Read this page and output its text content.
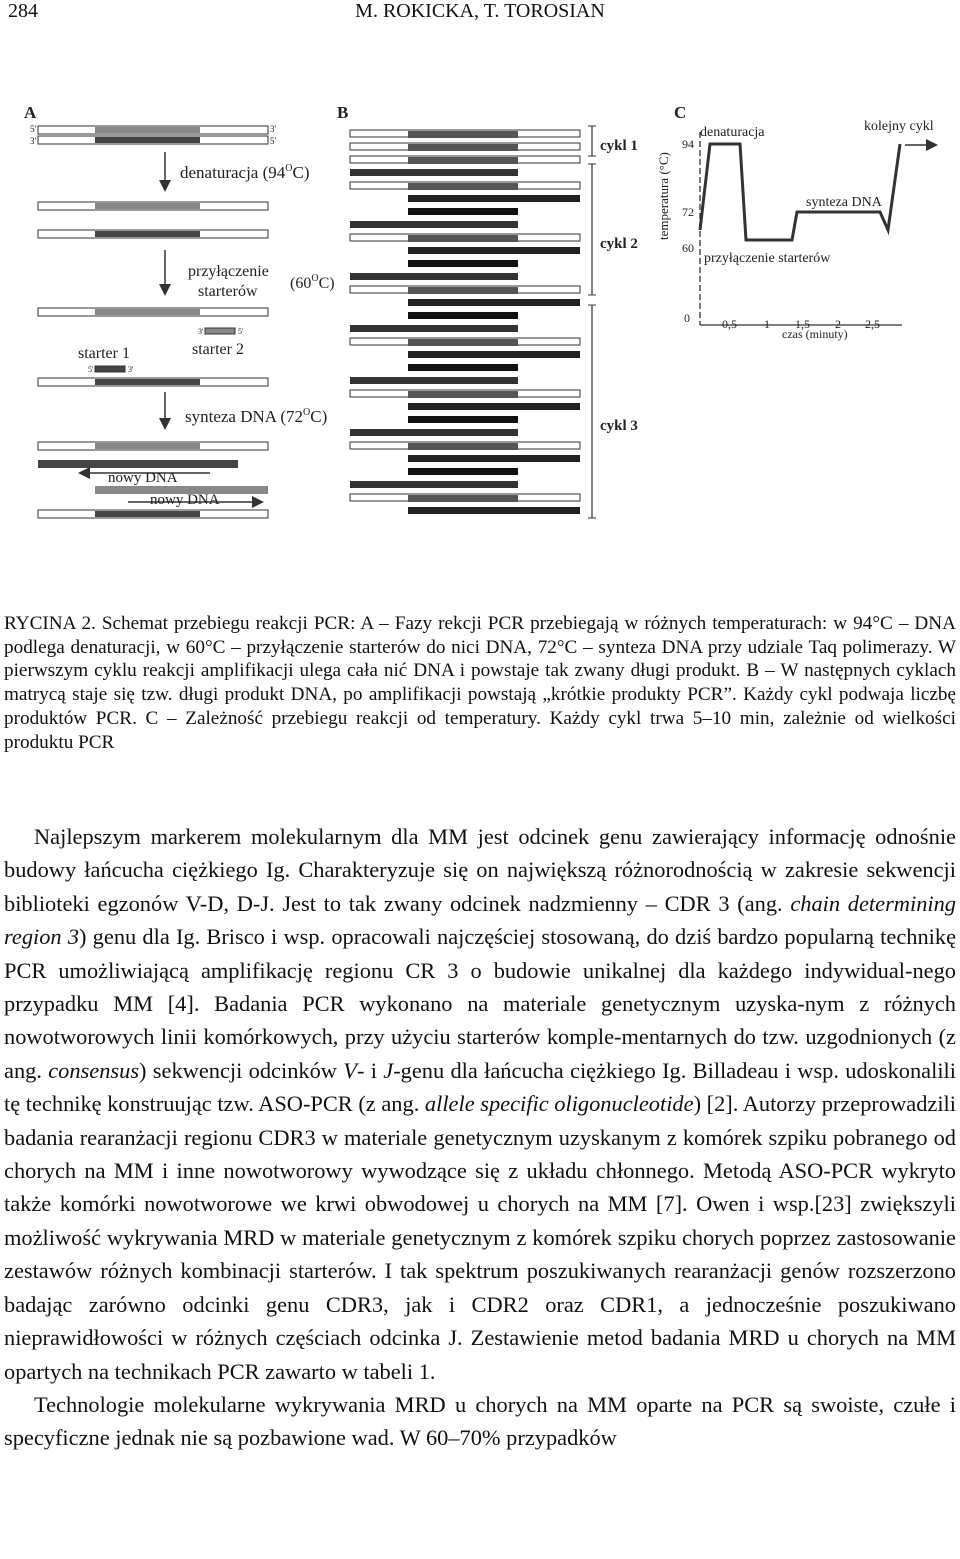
284	M. ROKICKA, T. TOROSIAN
A
5'	3'
3'	5'
denaturacja $(94^OC)$
przyłączenie
starterów $(60^OC)$
3'	5'
starter 1	starter 2
5'	3'
synteza DNA $(72^OC)$
nowy DNA
nowy DNA
B
cykl 1
cykl 2
cykl 3
C
94
72
60
0
temperatura (°C)
0,5 1 1,5 2 2,5
czas (minuty)
denaturacja	kolejny cykl
synteza DNA
przyłączenie starterów
RYCINA 2. Schemat przebiegu reakcji PCR: A – Fazy rekcji PCR przebiegają w różnych temperaturach: w 94°C – DNA podlega denaturacji, w 60°C – przyłączenie starterów do nici DNA, 72°C – synteza DNA przy udziale Taq polimerazy. W pierwszym cyklu reakcji amplifikacji ulega cała nić DNA i powstaje tak zwany długi produkt. B – W następnych cyklach matrycą staje się tzw. długi produkt DNA, po amplifikacji powstają „krótkie produkty PCR”. Każdy cykl podwaja liczbę produktów PCR. C – Zależność przebiegu reakcji od temperatury. Każdy cykl trwa 5–10 min, zależnie od wielkości produktu PCR

Najlepszym markerem molekularnym dla MM jest odcinek genu zawierający informację odnośnie budowy łańcucha ciężkiego Ig. Charakteryzuje się on największą różnorodnością w zakresie sekwencji biblioteki egzonów V-D, D-J. Jest to tak zwany odcinek nadzmienny – CDR 3 (ang. chain determining region 3) genu dla Ig. Brisco i wsp. opracowali najczęściej stosowaną, do dziś bardzo popularną technikę PCR umożliwiającą amplifikację regionu CR 3 o budowie unikalnej dla każdego indywidual-nego przypadku MM [4]. Badania PCR wykonano na materiale genetycznym uzyska-nym z różnych nowotworowych linii komórkowych, przy użyciu starterów komple-mentarnych do tzw. uzgodnionych (z ang. consensus) sekwencji odcinków V- i J-genu dla łańcucha ciężkiego Ig. Billadeau i wsp. udoskonalili tę technikę konstruując tzw. ASO-PCR (z ang. allele specific oligonucleotide) [2]. Autorzy przeprowadzili badania rearanżacji regionu CDR3 w materiale genetycznym uzyskanym z komórek szpiku pobranego od chorych na MM i inne nowotworowy wywodzące się z układu chłonnego. Metodą ASO-PCR wykryto także komórki nowotworowe we krwi obwodowej u chorych na MM [7]. Owen i wsp.[23] zwiększyli możliwość wykrywania MRD w materiale genetycznym z komórek szpiku chorych poprzez zastosowanie zestawów różnych kombinacji starterów. I tak spektrum poszukiwanych rearanżacji genów rozszerzono badając zarówno odcinki genu CDR3, jak i CDR2 oraz CDR1, a jednocześnie poszukiwano nieprawidłowości w różnych częściach odcinka J. Zestawienie metod badania MRD u chorych na MM opartych na technikach PCR zawarto w tabeli 1.

Technologie molekularne wykrywania MRD u chorych na MM oparte na PCR są swoiste, czułe i specyficzne jednak nie są pozbawione wad. W 60–70% przypadków
